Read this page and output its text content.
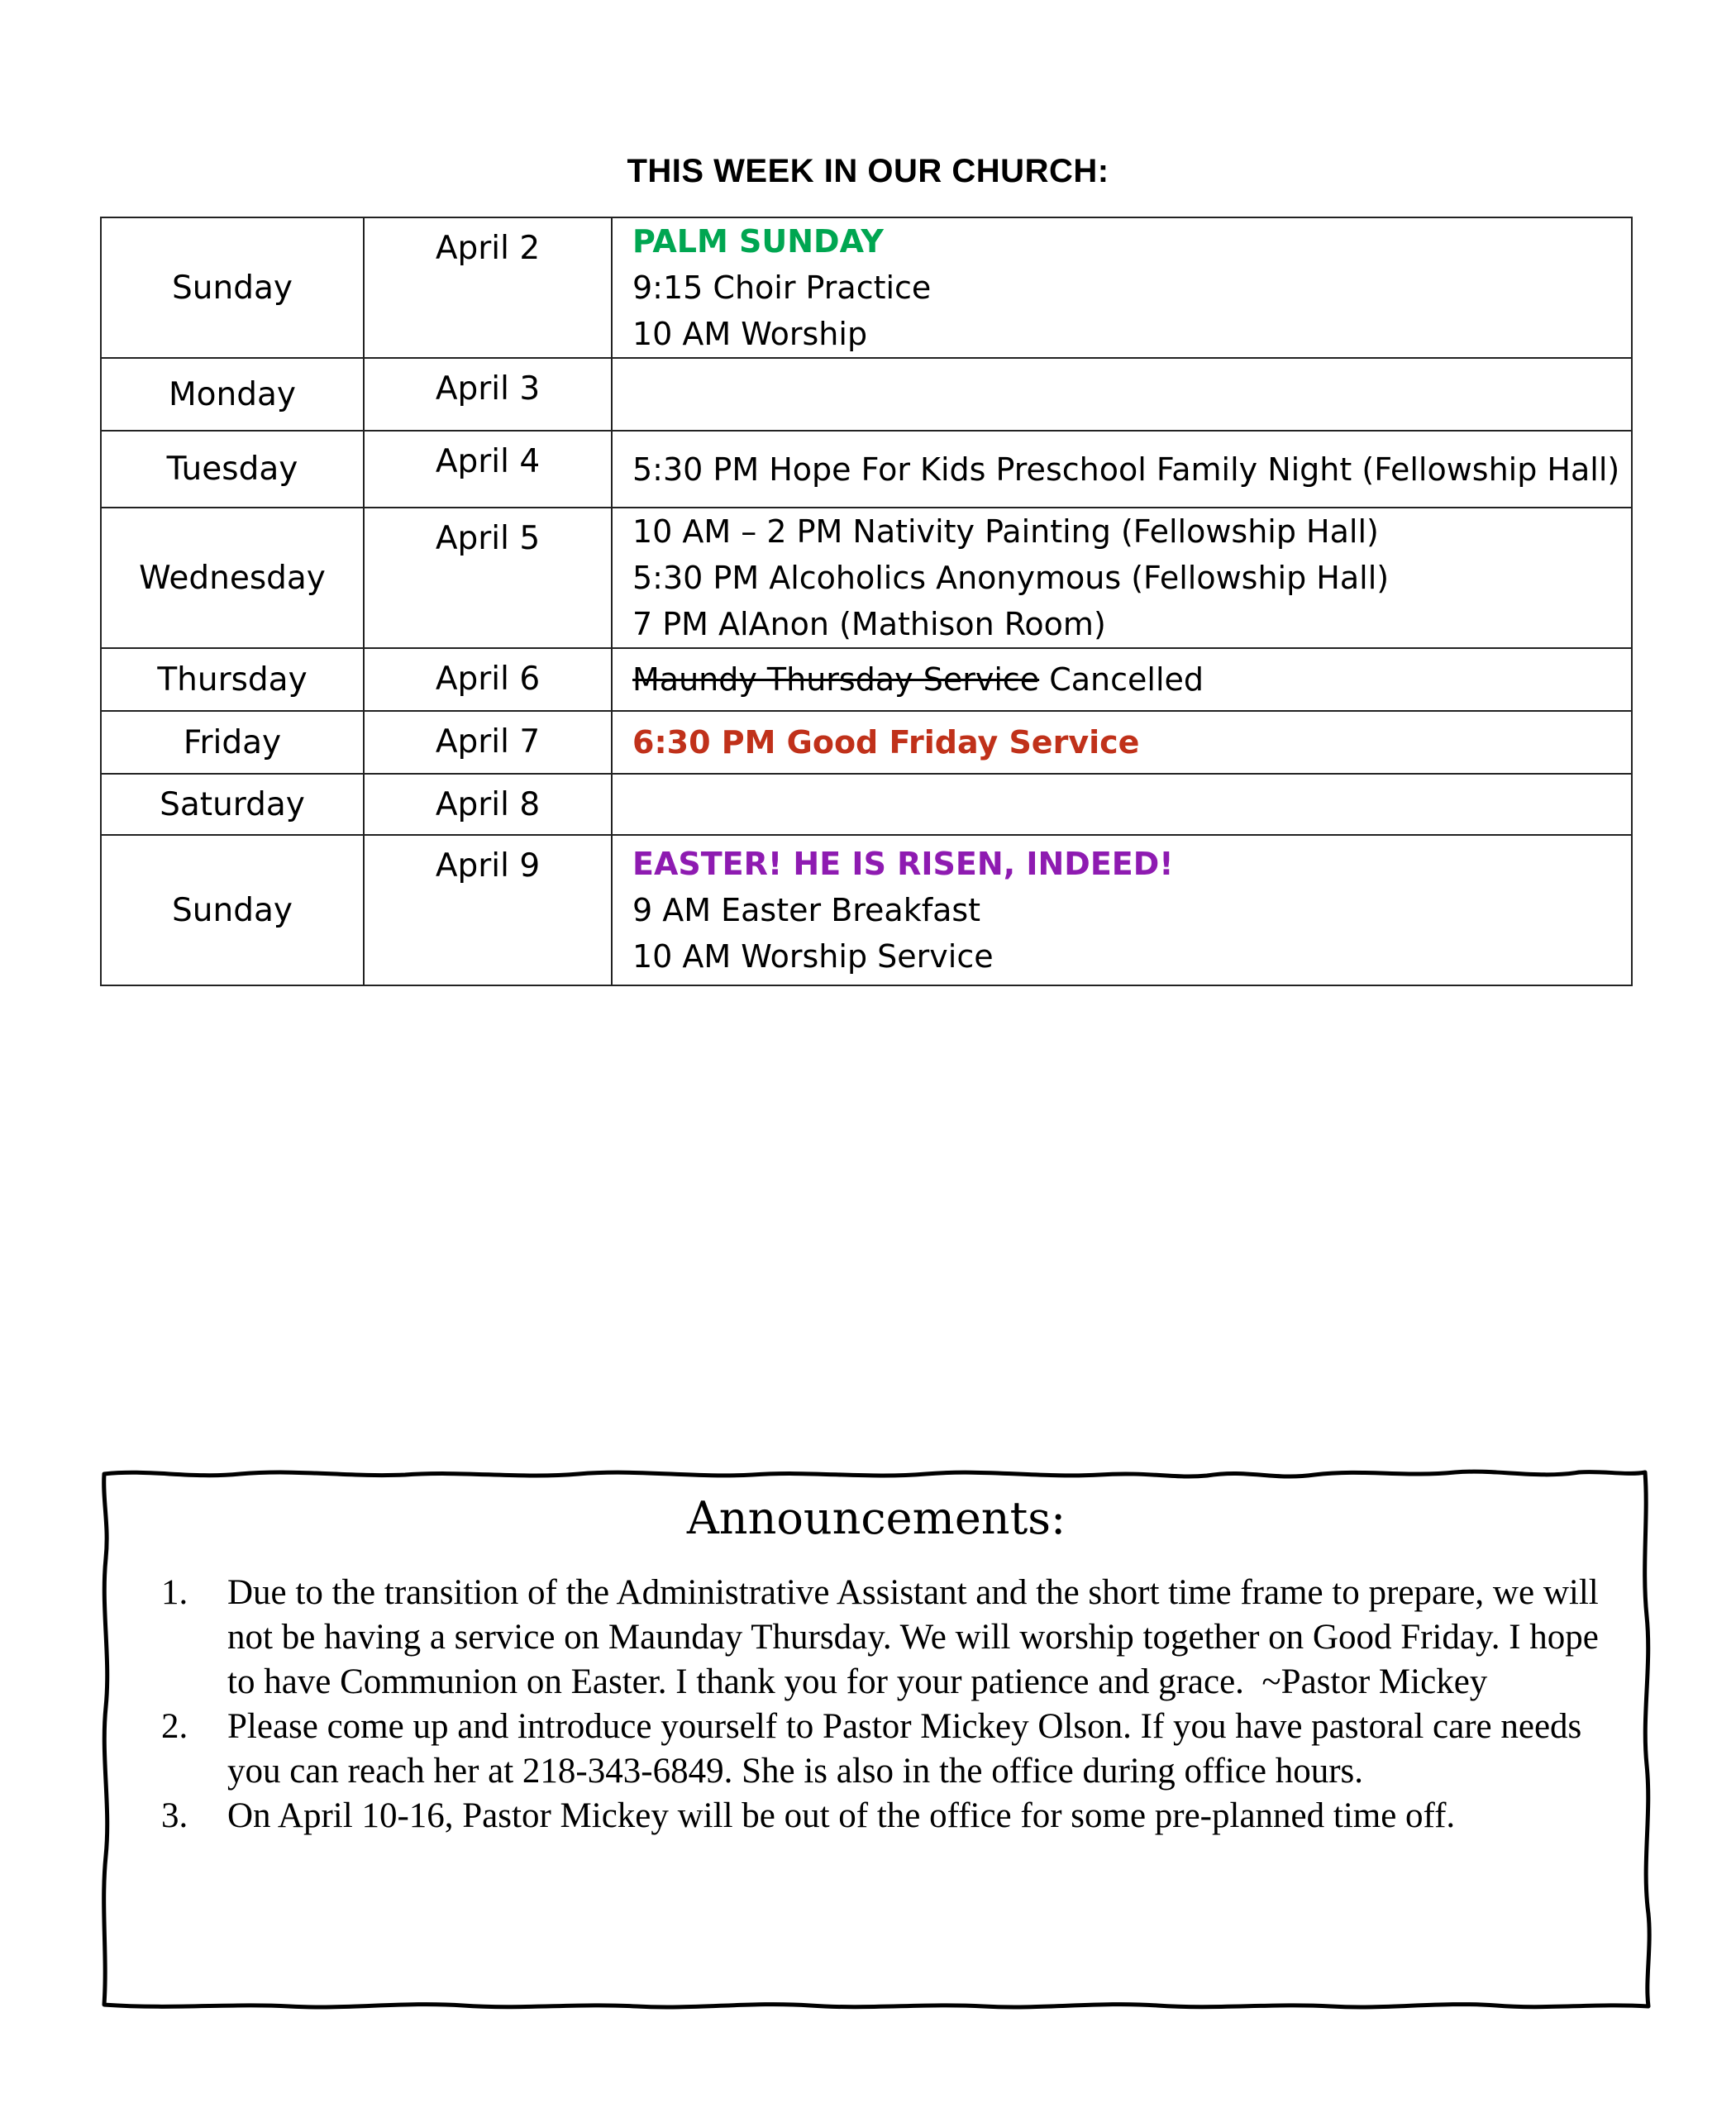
THIS WEEK IN OUR CHURCH:
Sunday	April 2	PALM SUNDAY
9:15 Choir Practice
10 AM Worship

Monday	April 3	

Tuesday	April 4	5:30 PM Hope For Kids Preschool Family Night (Fellowship Hall)

Wednesday	April 5	10 AM – 2 PM Nativity Painting (Fellowship Hall)
5:30 PM Alcoholics Anonymous (Fellowship Hall)
7 PM AlAnon (Mathison Room)

Thursday	April 6	Maundy Thursday Service Cancelled

Friday	April 7	6:30 PM Good Friday Service

Saturday	April 8	

Sunday	April 9	EASTER! HE IS RISEN, INDEED!
9 AM Easter Breakfast
10 AM Worship Service
Announcements:
1. Due to the transition of the Administrative Assistant and the short time frame to prepare, we will not be having a service on Maunday Thursday. We will worship together on Good Friday. I hope to have Communion on Easter. I thank you for your patience and grace.  ~Pastor Mickey
2. Please come up and introduce yourself to Pastor Mickey Olson. If you have pastoral care needs you can reach her at 218-343-6849. She is also in the office during office hours.
3. On April 10-16, Pastor Mickey will be out of the office for some pre-planned time off.
